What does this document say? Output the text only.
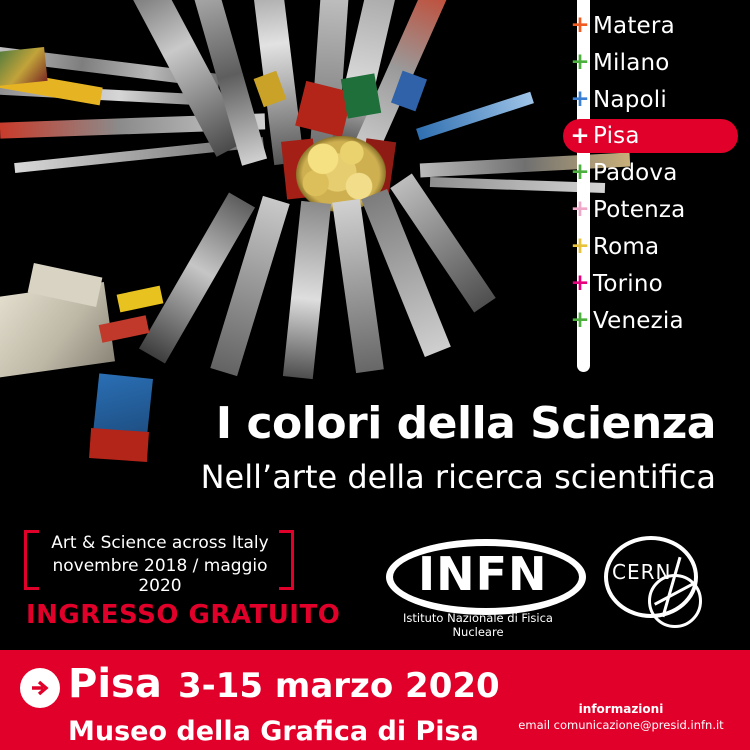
+ Matera
+ Milano
+ Napoli
+ Pisa
+ Padova
+ Potenza
+ Roma
+ Torino
+ Venezia
I colori della Scienza
Nell’arte della ricerca scientifica
Art & Science across Italy
novembre 2018 / maggio 2020
INGRESSO GRATUITO
INFN
Istituto Nazionale di Fisica Nucleare
CERN
Pisa 3-15 marzo 2020
Museo della Grafica di Pisa
informazioni
email comunicazione@presid.infn.it
